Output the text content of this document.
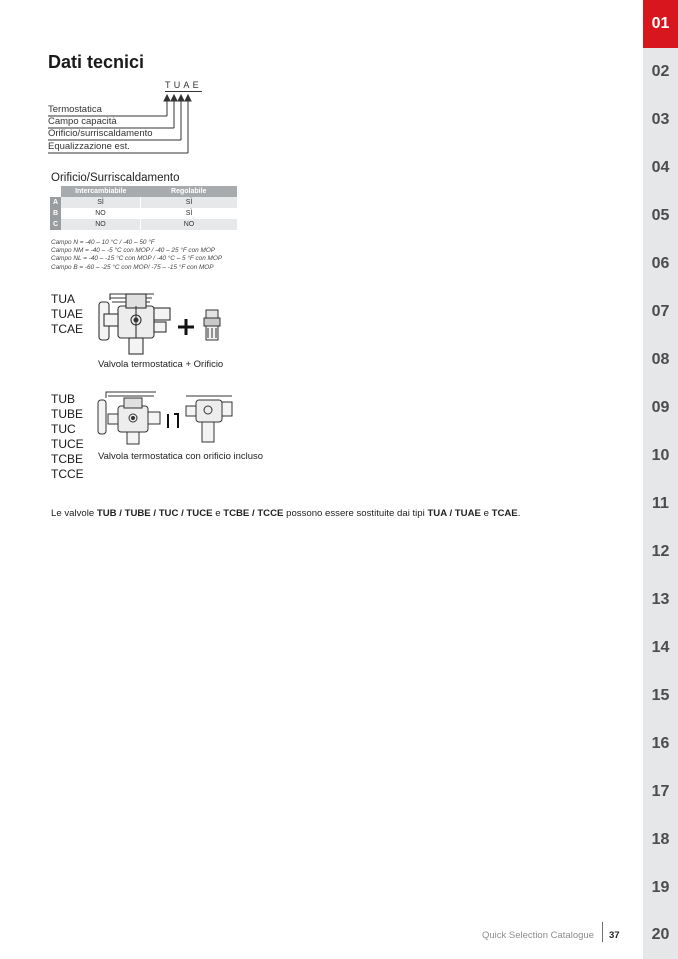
Dati tecnici
TUAE
Termostatica
Campo capacità
Orificio/surriscaldamento
Equalizzazione est.
Orificio/Surriscaldamento
	Intercambiabile	Regolabile
A	SÌ	SÌ
B	NO	SÌ
C	NO	NO
Campo N = -40 – 10 °C / -40 – 50 °F
Campo NM = -40 – -5 °C con MOP / -40 – 25 °F con MOP
Campo NL = -40 – -15 °C con MOP / -40 °C – 5 °F con MOP
Campo B = -60 – -25 °C con MOP/ -75 – -15 °F con MOP
TUA
TUAE
TCAE
Valvola termostatica + Orificio
TUB
TUBE
TUC
TUCE
TCBE
TCCE
Valvola termostatica con orificio incluso
Le valvole TUB / TUBE / TUC / TUCE e TCBE / TCCE possono essere sostituite dai tipi TUA / TUAE e TCAE.
Quick Selection Catalogue 37
01
02
03
04
05
06
07
08
09
10
11
12
13
14
15
16
17
18
19
20
